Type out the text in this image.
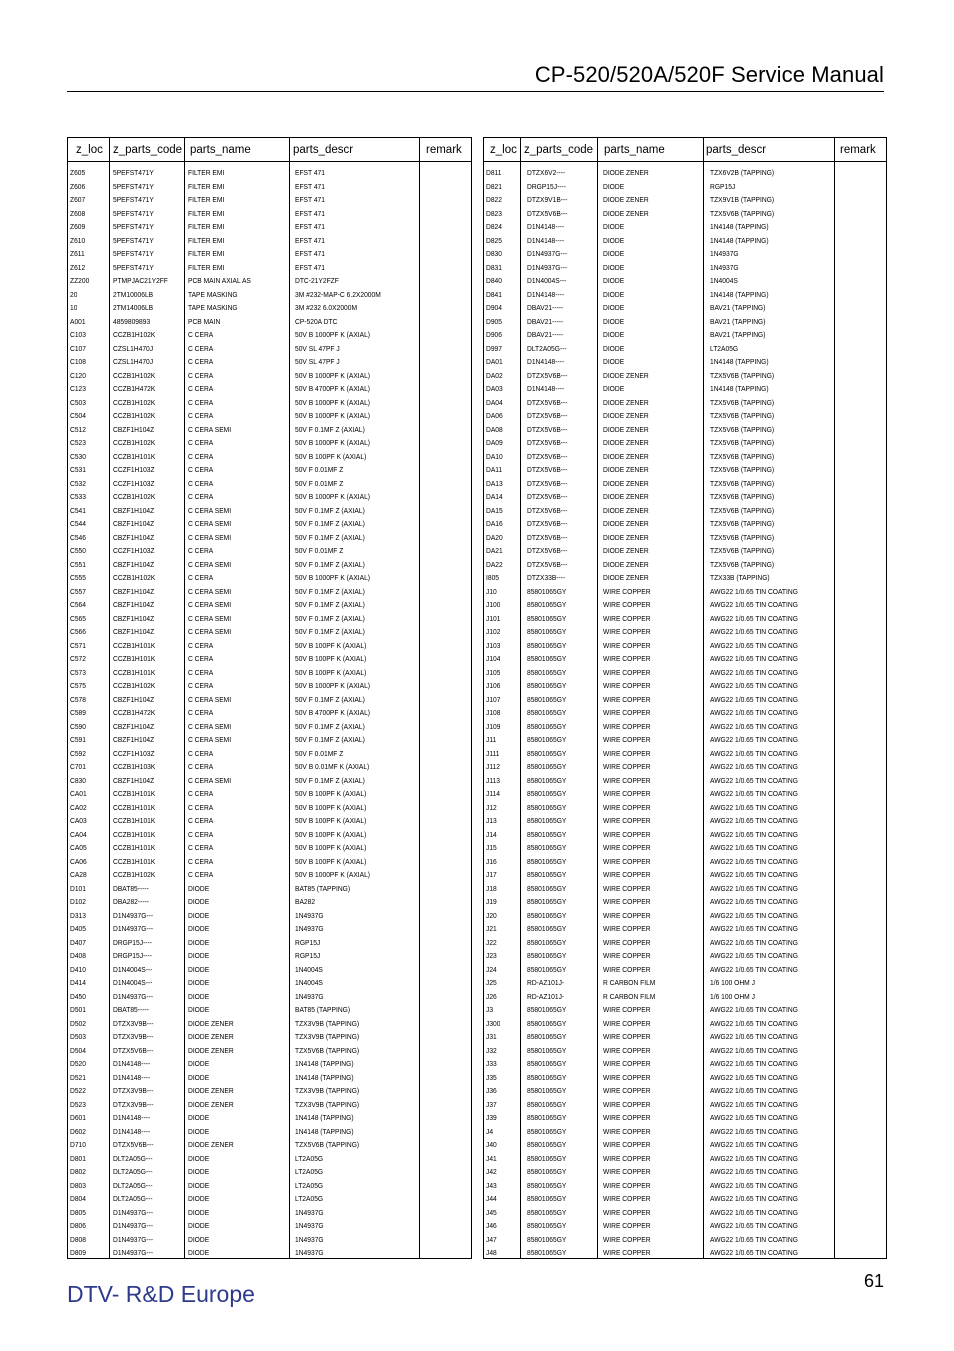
CP-520/520A/520F Service Manual
z_loc z_parts_code parts_name	parts_descr	remark
Z605	5PEFST471Y	FILTER EMI	EFST 471
Z606	5PEFST471Y	FILTER EMI	EFST 471
Z607	5PEFST471Y	FILTER EMI	EFST 471
Z608	5PEFST471Y	FILTER EMI	EFST 471
Z609	5PEFST471Y	FILTER EMI	EFST 471
Z610	5PEFST471Y	FILTER EMI	EFST 471
Z611	5PEFST471Y	FILTER EMI	EFST 471
Z612	5PEFST471Y	FILTER EMI	EFST 471
ZZ200	PTMPJAC21Y2FF	PCB MAIN AXIAL AS	DTC-21Y2FZF
20	2TM10006LB	TAPE MASKING	3M #232-MAP-C 6.2X2000M
10	2TM14006LB	TAPE MASKING	3M #232 6.0X2000M
A001	4859809893	PCB MAIN	CP-520A DTC
C103	CCZB1H102K	C CERA	50V B 1000PF K (AXIAL)
C107	CZSL1H470J	C CERA	50V SL 47PF J
C108	CZSL1H470J	C CERA	50V SL 47PF J
C120	CCZB1H102K	C CERA	50V B 1000PF K (AXIAL)
C123	CCZB1H472K	C CERA	50V B 4700PF K (AXIAL)
C503	CCZB1H102K	C CERA	50V B 1000PF K (AXIAL)
C504	CCZB1H102K	C CERA	50V B 1000PF K (AXIAL)
C512	CBZF1H104Z	C CERA SEMI	50V F 0.1MF Z (AXIAL)
C523	CCZB1H102K	C CERA	50V B 1000PF K (AXIAL)
C530	CCZB1H101K	C CERA	50V B 100PF K (AXIAL)
C531	CCZF1H103Z	C CERA	50V F 0.01MF Z
C532	CCZF1H103Z	C CERA	50V F 0.01MF Z
C533	CCZB1H102K	C CERA	50V B 1000PF K (AXIAL)
C541	CBZF1H104Z	C CERA SEMI	50V F 0.1MF Z (AXIAL)
C544	CBZF1H104Z	C CERA SEMI	50V F 0.1MF Z (AXIAL)
C546	CBZF1H104Z	C CERA SEMI	50V F 0.1MF Z (AXIAL)
C550	CCZF1H103Z	C CERA	50V F 0.01MF Z
C551	CBZF1H104Z	C CERA SEMI	50V F 0.1MF Z (AXIAL)
C555	CCZB1H102K	C CERA	50V B 1000PF K (AXIAL)
C557	CBZF1H104Z	C CERA SEMI	50V F 0.1MF Z (AXIAL)
C564	CBZF1H104Z	C CERA SEMI	50V F 0.1MF Z (AXIAL)
C565	CBZF1H104Z	C CERA SEMI	50V F 0.1MF Z (AXIAL)
C566	CBZF1H104Z	C CERA SEMI	50V F 0.1MF Z (AXIAL)
C571	CCZB1H101K	C CERA	50V B 100PF K (AXIAL)
C572	CCZB1H101K	C CERA	50V B 100PF K (AXIAL)
C573	CCZB1H101K	C CERA	50V B 100PF K (AXIAL)
C575	CCZB1H102K	C CERA	50V B 1000PF K (AXIAL)
C578	CBZF1H104Z	C CERA SEMI	50V F 0.1MF Z (AXIAL)
C589	CCZB1H472K	C CERA	50V B 4700PF K (AXIAL)
C590	CBZF1H104Z	C CERA SEMI	50V F 0.1MF Z (AXIAL)
C591	CBZF1H104Z	C CERA SEMI	50V F 0.1MF Z (AXIAL)
C592	CCZF1H103Z	C CERA	50V F 0.01MF Z
C701	CCZB1H103K	C CERA	50V B 0.01MF K (AXIAL)
C830	CBZF1H104Z	C CERA SEMI	50V F 0.1MF Z (AXIAL)
CA01	CCZB1H101K	C CERA	50V B 100PF K (AXIAL)
CA02	CCZB1H101K	C CERA	50V B 100PF K (AXIAL)
CA03	CCZB1H101K	C CERA	50V B 100PF K (AXIAL)
CA04	CCZB1H101K	C CERA	50V B 100PF K (AXIAL)
CA05	CCZB1H101K	C CERA	50V B 100PF K (AXIAL)
CA06	CCZB1H101K	C CERA	50V B 100PF K (AXIAL)
CA28	CCZB1H102K	C CERA	50V B 1000PF K (AXIAL)
D101	DBAT85-----	DIODE	BAT85 (TAPPING)
D102	DBA282-----	DIODE	BA282
D313	D1N4937G---	DIODE	1N4937G
D405	D1N4937G---	DIODE	1N4937G
D407	DRGP15J----	DIODE	RGP15J
D408	DRGP15J----	DIODE	RGP15J
D410	D1N4004S---	DIODE	1N4004S
D414	D1N4004S---	DIODE	1N4004S
D450	D1N4937G---	DIODE	1N4937G
D501	DBAT85-----	DIODE	BAT85 (TAPPING)
D502	DTZX3V9B---	DIODE ZENER	TZX3V9B (TAPPING)
D503	DTZX3V9B---	DIODE ZENER	TZX3V9B (TAPPING)
D504	DTZX5V6B---	DIODE ZENER	TZX5V6B (TAPPING)
D520	D1N4148----	DIODE	1N4148 (TAPPING)
D521	D1N4148----	DIODE	1N4148 (TAPPING)
D522	DTZX3V9B---	DIODE ZENER	TZX3V9B (TAPPING)
D523	DTZX3V9B---	DIODE ZENER	TZX3V9B (TAPPING)
D601	D1N4148----	DIODE	1N4148 (TAPPING)
D602	D1N4148----	DIODE	1N4148 (TAPPING)
D710	DTZX5V6B---	DIODE ZENER	TZX5V6B (TAPPING)
D801	DLT2A05G---	DIODE	LT2A05G
D802	DLT2A05G---	DIODE	LT2A05G
D803	DLT2A05G---	DIODE	LT2A05G
D804	DLT2A05G---	DIODE	LT2A05G
D805	D1N4937G---	DIODE	1N4937G
D806	D1N4937G---	DIODE	1N4937G
D808	D1N4937G---	DIODE	1N4937G
D809	D1N4937G---	DIODE	1N4937G
z_loc z_parts_code parts_name	parts_descr	remark
D811	DTZX6V2----	DIODE ZENER	TZX6V2B (TAPPING)
D821	DRGP15J----	DIODE	RGP15J
D822	DTZX9V1B---	DIODE ZENER	TZX9V1B (TAPPING)
D823	DTZX5V6B---	DIODE ZENER	TZX5V6B (TAPPING)
D824	D1N4148----	DIODE	1N4148 (TAPPING)
D825	D1N4148----	DIODE	1N4148 (TAPPING)
D830	D1N4937G---	DIODE	1N4937G
D831	D1N4937G---	DIODE	1N4937G
D840	D1N4004S---	DIODE	1N4004S
D841	D1N4148----	DIODE	1N4148 (TAPPING)
D904	DBAV21-----	DIODE	BAV21 (TAPPING)
D905	DBAV21-----	DIODE	BAV21 (TAPPING)
D906	DBAV21-----	DIODE	BAV21 (TAPPING)
D997	DLT2A05G---	DIODE	LT2A05G
DA01	D1N4148----	DIODE	1N4148 (TAPPING)
DA02	DTZX5V6B---	DIODE ZENER	TZX5V6B (TAPPING)
DA03	D1N4148----	DIODE	1N4148 (TAPPING)
DA04	DTZX5V6B---	DIODE ZENER	TZX5V6B (TAPPING)
DA06	DTZX5V6B---	DIODE ZENER	TZX5V6B (TAPPING)
DA08	DTZX5V6B---	DIODE ZENER	TZX5V6B (TAPPING)
DA09	DTZX5V6B---	DIODE ZENER	TZX5V6B (TAPPING)
DA10	DTZX5V6B---	DIODE ZENER	TZX5V6B (TAPPING)
DA11	DTZX5V6B---	DIODE ZENER	TZX5V6B (TAPPING)
DA13	DTZX5V6B---	DIODE ZENER	TZX5V6B (TAPPING)
DA14	DTZX5V6B---	DIODE ZENER	TZX5V6B (TAPPING)
DA15	DTZX5V6B---	DIODE ZENER	TZX5V6B (TAPPING)
DA16	DTZX5V6B---	DIODE ZENER	TZX5V6B (TAPPING)
DA20	DTZX5V6B---	DIODE ZENER	TZX5V6B (TAPPING)
DA21	DTZX5V6B---	DIODE ZENER	TZX5V6B (TAPPING)
DA22	DTZX5V6B---	DIODE ZENER	TZX5V6B (TAPPING)
I805	DTZX33B----	DIODE ZENER	TZX33B (TAPPING)
J10	85801065GY	WIRE COPPER	AWG22 1/0.65 TIN COATING
J100	85801065GY	WIRE COPPER	AWG22 1/0.65 TIN COATING
J101	85801065GY	WIRE COPPER	AWG22 1/0.65 TIN COATING
J102	85801065GY	WIRE COPPER	AWG22 1/0.65 TIN COATING
J103	85801065GY	WIRE COPPER	AWG22 1/0.65 TIN COATING
J104	85801065GY	WIRE COPPER	AWG22 1/0.65 TIN COATING
J105	85801065GY	WIRE COPPER	AWG22 1/0.65 TIN COATING
J106	85801065GY	WIRE COPPER	AWG22 1/0.65 TIN COATING
J107	85801065GY	WIRE COPPER	AWG22 1/0.65 TIN COATING
J108	85801065GY	WIRE COPPER	AWG22 1/0.65 TIN COATING
J109	85801065GY	WIRE COPPER	AWG22 1/0.65 TIN COATING
J11	85801065GY	WIRE COPPER	AWG22 1/0.65 TIN COATING
J111	85801065GY	WIRE COPPER	AWG22 1/0.65 TIN COATING
J112	85801065GY	WIRE COPPER	AWG22 1/0.65 TIN COATING
J113	85801065GY	WIRE COPPER	AWG22 1/0.65 TIN COATING
J114	85801065GY	WIRE COPPER	AWG22 1/0.65 TIN COATING
J12	85801065GY	WIRE COPPER	AWG22 1/0.65 TIN COATING
J13	85801065GY	WIRE COPPER	AWG22 1/0.65 TIN COATING
J14	85801065GY	WIRE COPPER	AWG22 1/0.65 TIN COATING
J15	85801065GY	WIRE COPPER	AWG22 1/0.65 TIN COATING
J16	85801065GY	WIRE COPPER	AWG22 1/0.65 TIN COATING
J17	85801065GY	WIRE COPPER	AWG22 1/0.65 TIN COATING
J18	85801065GY	WIRE COPPER	AWG22 1/0.65 TIN COATING
J19	85801065GY	WIRE COPPER	AWG22 1/0.65 TIN COATING
J20	85801065GY	WIRE COPPER	AWG22 1/0.65 TIN COATING
J21	85801065GY	WIRE COPPER	AWG22 1/0.65 TIN COATING
J22	85801065GY	WIRE COPPER	AWG22 1/0.65 TIN COATING
J23	85801065GY	WIRE COPPER	AWG22 1/0.65 TIN COATING
J24	85801065GY	WIRE COPPER	AWG22 1/0.65 TIN COATING
J25	RD-AZ101J-	R CARBON FILM	1/6 100 OHM J
J26	RD-AZ101J-	R CARBON FILM	1/6 100 OHM J
J3	85801065GY	WIRE COPPER	AWG22 1/0.65 TIN COATING
J300	85801065GY	WIRE COPPER	AWG22 1/0.65 TIN COATING
J31	85801065GY	WIRE COPPER	AWG22 1/0.65 TIN COATING
J32	85801065GY	WIRE COPPER	AWG22 1/0.65 TIN COATING
J33	85801065GY	WIRE COPPER	AWG22 1/0.65 TIN COATING
J35	85801065GY	WIRE COPPER	AWG22 1/0.65 TIN COATING
J36	85801065GY	WIRE COPPER	AWG22 1/0.65 TIN COATING
J37	85801065GY	WIRE COPPER	AWG22 1/0.65 TIN COATING
J39	85801065GY	WIRE COPPER	AWG22 1/0.65 TIN COATING
J4	85801065GY	WIRE COPPER	AWG22 1/0.65 TIN COATING
J40	85801065GY	WIRE COPPER	AWG22 1/0.65 TIN COATING
J41	85801065GY	WIRE COPPER	AWG22 1/0.65 TIN COATING
J42	85801065GY	WIRE COPPER	AWG22 1/0.65 TIN COATING
J43	85801065GY	WIRE COPPER	AWG22 1/0.65 TIN COATING
J44	85801065GY	WIRE COPPER	AWG22 1/0.65 TIN COATING
J45	85801065GY	WIRE COPPER	AWG22 1/0.65 TIN COATING
J46	85801065GY	WIRE COPPER	AWG22 1/0.65 TIN COATING
J47	85801065GY	WIRE COPPER	AWG22 1/0.65 TIN COATING
J48	85801065GY	WIRE COPPER	AWG22 1/0.65 TIN COATING
DTV- R&D Europe	61
